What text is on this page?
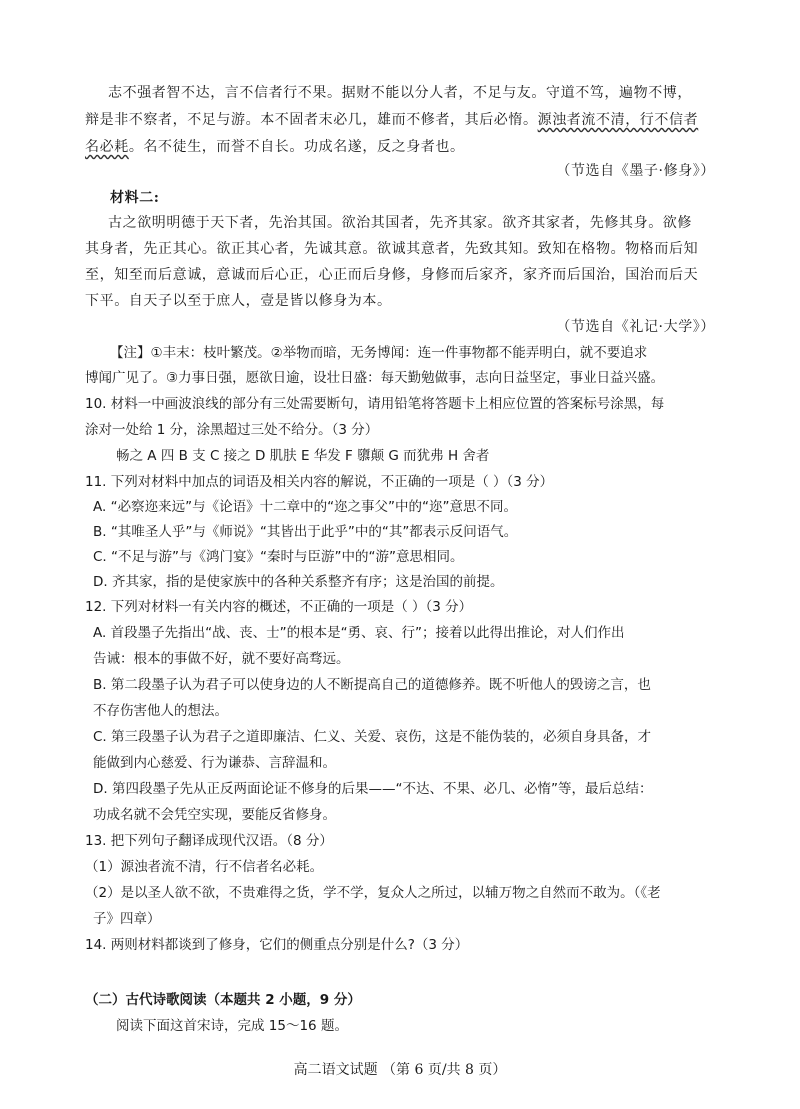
志不强者智不达，言不信者行不果。据财不能以分人者，不足与友。守道不笃，遍物不博，
辩是非不察者，不足与游。本不固者末必几，雄而不修者，其后必惰。源浊者流不清，行不信者
名必耗。名不徒生，而誉不自长。功成名遂，反之身者也。
（节选自《墨子·修身》）
材料二:
古之欲明明德于天下者，先治其国。欲治其国者，先齐其家。欲齐其家者，先修其身。欲修
其身者，先正其心。欲正其心者，先诚其意。欲诚其意者，先致其知。致知在格物。物格而后知
至，知至而后意诚，意诚而后心正，心正而后身修，身修而后家齐，家齐而后国治，国治而后天
下平。自天子以至于庶人，壹是皆以修身为本。
（节选自《礼记·大学》）
【注】①丰末：枝叶繁茂。②举物而暗，无务博闻：连一件事物都不能弄明白，就不要追求
博闻广见了。③力事日强，愿欲日逾，设壮日盛：每天勤勉做事，志向日益坚定，事业日益兴盛。
10. 材料一中画波浪线的部分有三处需要断句，请用铅笔将答题卡上相应位置的答案标号涂黑，每
涂对一处给 1 分，涂黑超过三处不给分。（3 分）
畅之 A 四 B 支 C 接之 D 肌肤 E 华发 F 隳颠 G 而犹弗 H 舍者
11. 下列对材料中加点的词语及相关内容的解说，不正确的一项是（ ）（3 分）
A. “必察迩来远”与《论语》十二章中的“迩之事父”中的“迩”意思不同。
B. “其唯圣人乎”与《师说》“其皆出于此乎”中的“其”都表示反问语气。
C. “不足与游”与《鸿门宴》“秦时与臣游”中的“游”意思相同。
D. 齐其家，指的是使家族中的各种关系整齐有序；这是治国的前提。
12. 下列对材料一有关内容的概述，不正确的一项是（ ）（3 分）
A. 首段墨子先指出“战、丧、士”的根本是“勇、哀、行”；接着以此得出推论，对人们作出
告诫：根本的事做不好，就不要好高骛远。
B. 第二段墨子认为君子可以使身边的人不断提高自己的道德修养。既不听他人的毁谤之言，也
不存伤害他人的想法。
C. 第三段墨子认为君子之道即廉洁、仁义、关爱、哀伤，这是不能伪装的，必须自身具备，才
能做到内心慈爱、行为谦恭、言辞温和。
D. 第四段墨子先从正反两面论证不修身的后果——“不达、不果、必几、必惰”等，最后总结：
功成名就不会凭空实现，要能反省修身。
13. 把下列句子翻译成现代汉语。（8 分）
（1）源浊者流不清，行不信者名必耗。
（2）是以圣人欲不欲，不贵难得之货，学不学，复众人之所过，以辅万物之自然而不敢为。（《老
子》四章）
14. 两则材料都谈到了修身，它们的侧重点分别是什么?（3 分）
（二）古代诗歌阅读（本题共 2 小题，9 分）
阅读下面这首宋诗，完成 15～16 题。
高二语文试题 （第 6 页/共 8 页）
